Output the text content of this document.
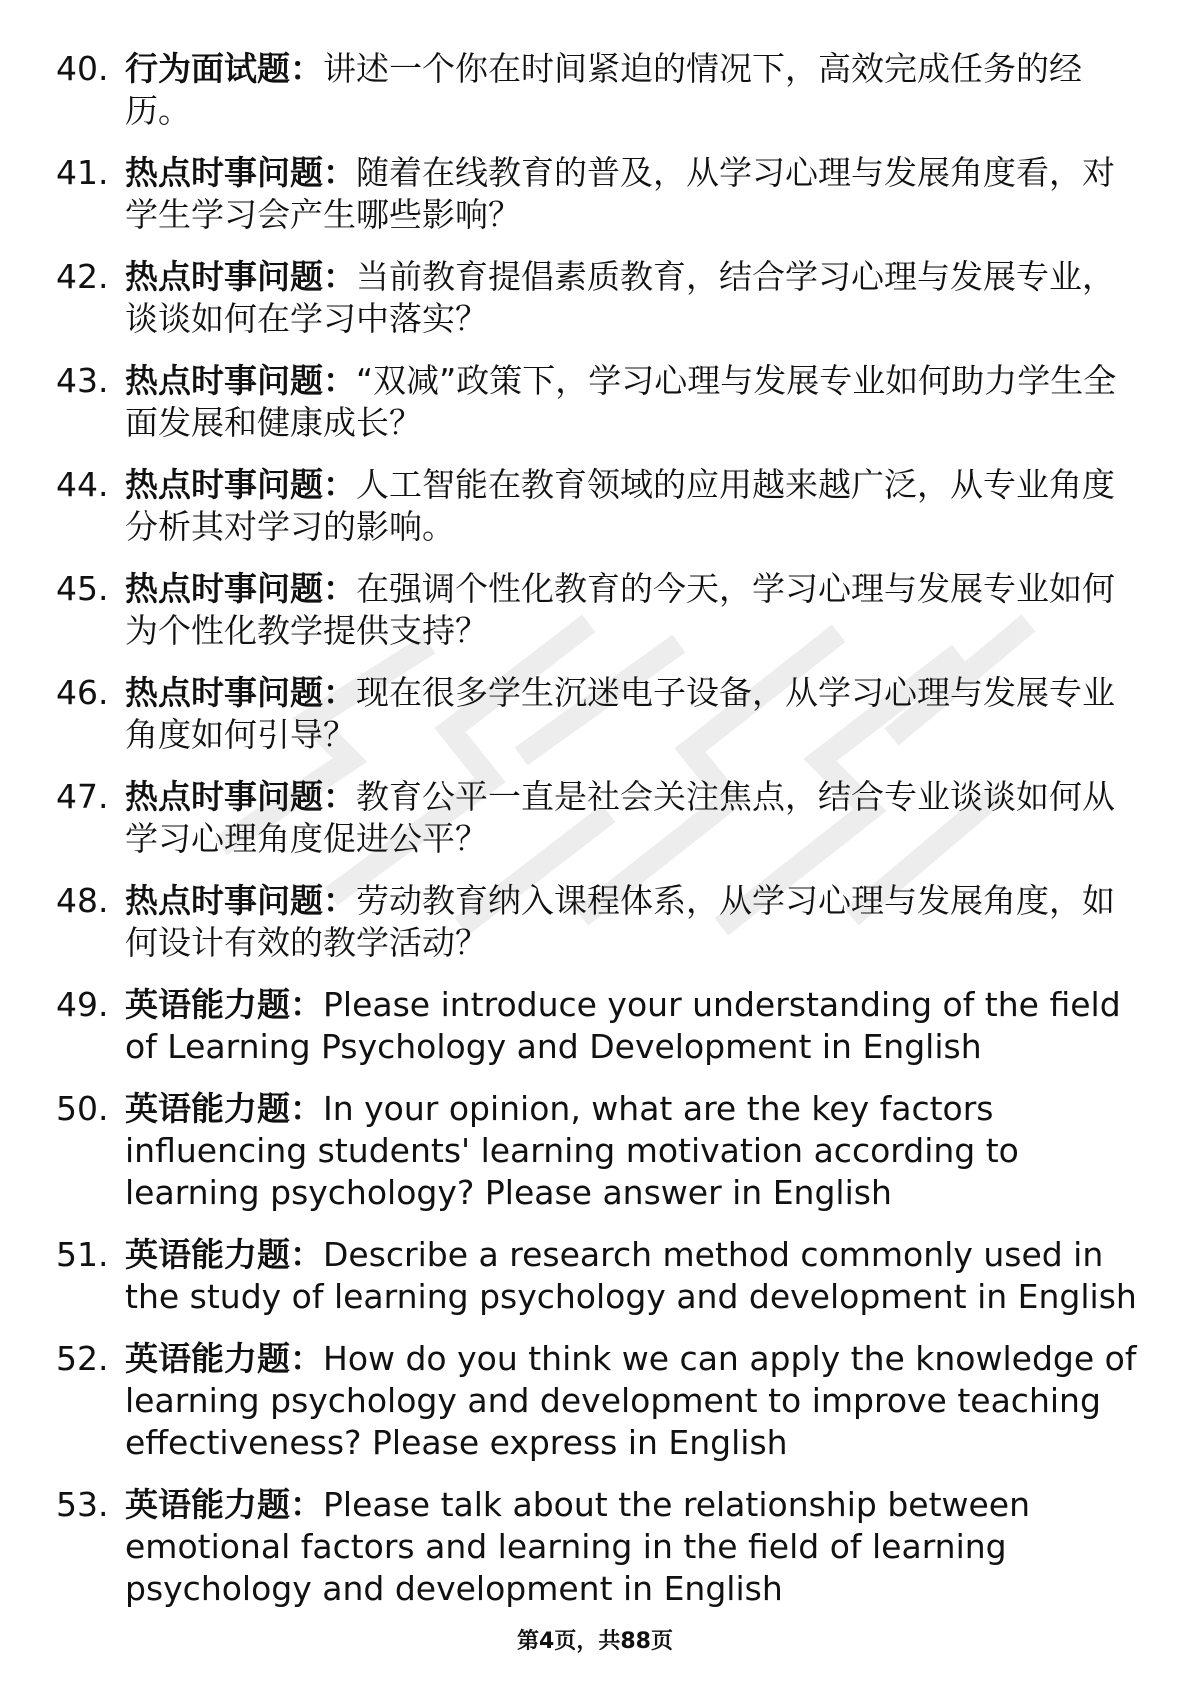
40. 行为面试题：讲述一个你在时间紧迫的情况下，高效完成任务的经历。
41. 热点时事问题：随着在线教育的普及，从学习心理与发展角度看，对学生学习会产生哪些影响？
42. 热点时事问题：当前教育提倡素质教育，结合学习心理与发展专业，谈谈如何在学习中落实？
43. 热点时事问题：“双减”政策下，学习心理与发展专业如何助力学生全面发展和健康成长？
44. 热点时事问题：人工智能在教育领域的应用越来越广泛，从专业角度分析其对学习的影响。
45. 热点时事问题：在强调个性化教育的今天，学习心理与发展专业如何为个性化教学提供支持？
46. 热点时事问题：现在很多学生沉迷电子设备，从学习心理与发展专业角度如何引导？
47. 热点时事问题：教育公平一直是社会关注焦点，结合专业谈谈如何从学习心理角度促进公平？
48. 热点时事问题：劳动教育纳入课程体系，从学习心理与发展角度，如何设计有效的教学活动？
49. 英语能力题：Please introduce your understanding of the field of Learning Psychology and Development in English
50. 英语能力题：In your opinion, what are the key factors influencing students' learning motivation according to learning psychology? Please answer in English
51. 英语能力题：Describe a research method commonly used in the study of learning psychology and development in English
52. 英语能力题：How do you think we can apply the knowledge of learning psychology and development to improve teaching effectiveness? Please express in English
53. 英语能力题：Please talk about the relationship between emotional factors and learning in the field of learning psychology and development in English
第4页，共88页
